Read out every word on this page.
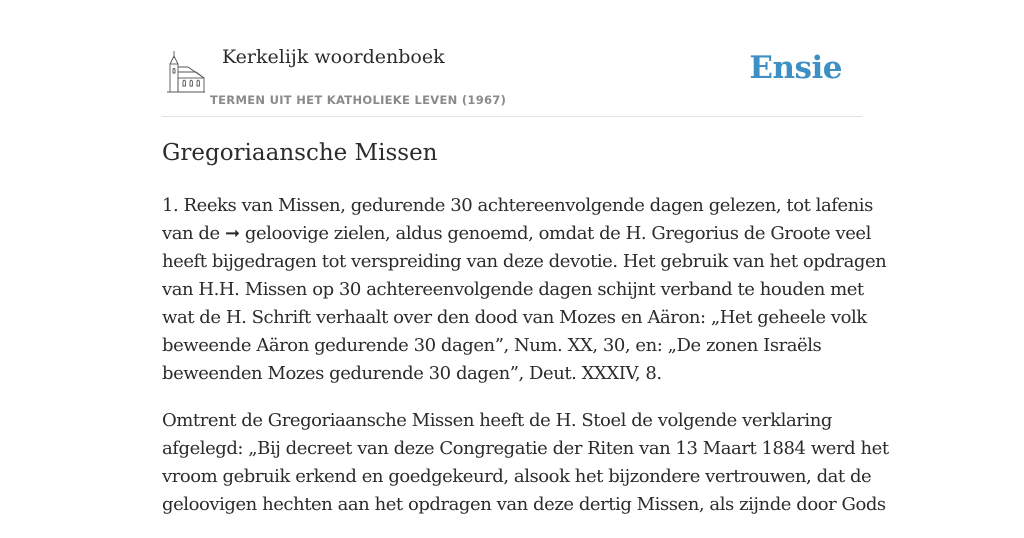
Kerkelijk woordenboek
TERMEN UIT HET KATHOLIEKE LEVEN (1967)
Ensie
Gregoriaansche Missen

1. Reeks van Missen, gedurende 30 achtereenvolgende dagen gelezen, tot lafenis
van de ➞ geloovige zielen, aldus genoemd, omdat de H. Gregorius de Groote veel
heeft bijgedragen tot verspreiding van deze devotie. Het gebruik van het opdragen
van H.H. Missen op 30 achtereenvolgende dagen schijnt verband te houden met
wat de H. Schrift verhaalt over den dood van Mozes en Aäron: „Het geheele volk
beweende Aäron gedurende 30 dagen”, Num. XX, 30, en: „De zonen Israëls
beweenden Mozes gedurende 30 dagen”, Deut. XXXIV, 8.

Omtrent de Gregoriaansche Missen heeft de H. Stoel de volgende verklaring
afgelegd: „Bij decreet van deze Congregatie der Riten van 13 Maart 1884 werd het
vroom gebruik erkend en goedgekeurd, alsook het bijzondere vertrouwen, dat de
geloovigen hechten aan het opdragen van deze dertig Missen, als zijnde door Gods
